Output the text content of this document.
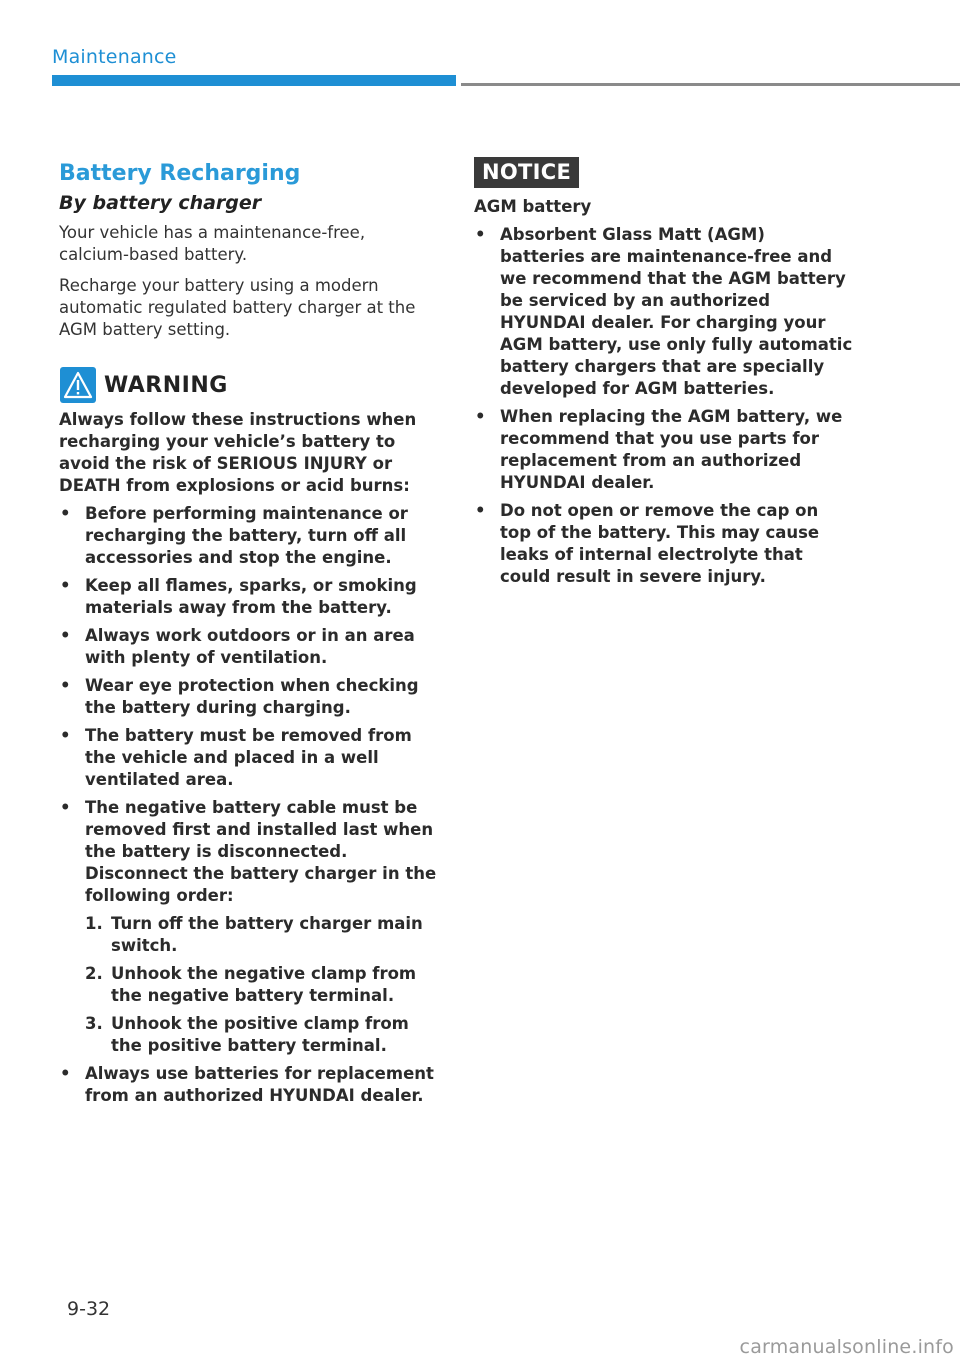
Maintenance
Battery Recharging
By battery charger

Your vehicle has a maintenance-free, calcium-based battery.

Recharge your battery using a modern automatic regulated battery charger at the AGM battery setting.

WARNING

Always follow these instructions when recharging your vehicle’s battery to avoid the risk of SERIOUS INJURY or DEATH from explosions or acid burns:

• Before performing maintenance or recharging the battery, turn off all accessories and stop the engine.
• Keep all flames, sparks, or smoking materials away from the battery.
• Always work outdoors or in an area with plenty of ventilation.
• Wear eye protection when checking the battery during charging.
• The battery must be removed from the vehicle and placed in a well ventilated area.
• The negative battery cable must be removed first and installed last when the battery is disconnected. Disconnect the battery charger in the following order:
1. Turn off the battery charger main switch.
2. Unhook the negative clamp from the negative battery terminal.
3. Unhook the positive clamp from the positive battery terminal.
• Always use batteries for replacement from an authorized HYUNDAI dealer.
NOTICE

AGM battery

• Absorbent Glass Matt (AGM) batteries are maintenance-free and we recommend that the AGM battery be serviced by an authorized HYUNDAI dealer. For charging your AGM battery, use only fully automatic battery chargers that are specially developed for AGM batteries.
• When replacing the AGM battery, we recommend that you use parts for replacement from an authorized HYUNDAI dealer.
• Do not open or remove the cap on top of the battery. This may cause leaks of internal electrolyte that could result in severe injury.
9-32
carmanualsonline.info
